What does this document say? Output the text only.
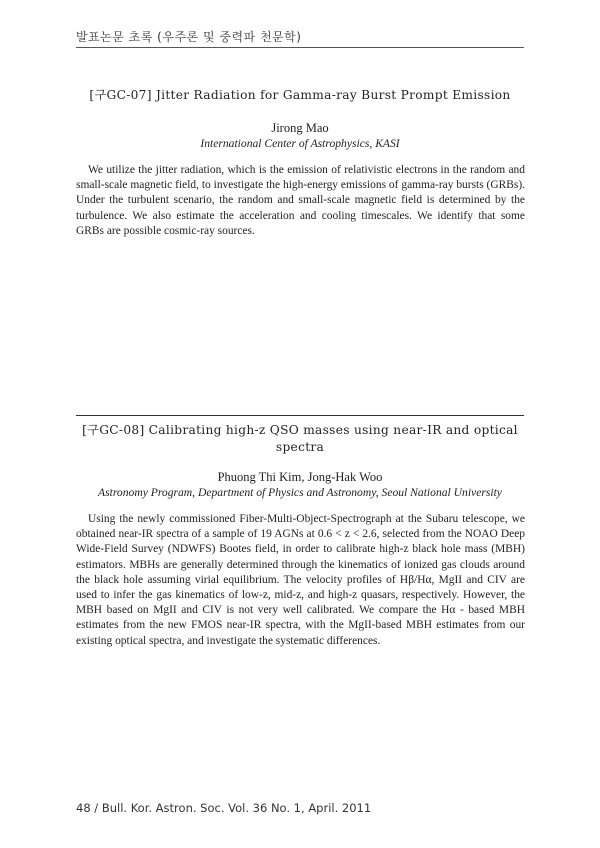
발표논문 초록 (우주론 및 중력파 천문학)
[구GC-07] Jitter Radiation for Gamma-ray Burst Prompt Emission
Jirong Mao
International Center of Astrophysics, KASI

We utilize the jitter radiation, which is the emission of relativistic electrons in the random and small-scale magnetic field, to investigate the high-energy emissions of gamma-ray bursts (GRBs). Under the turbulent scenario, the random and small-scale magnetic field is determined by the turbulence. We also estimate the acceleration and cooling timescales. We identify that some GRBs are possible cosmic-ray sources.

[구GC-08] Calibrating high-z QSO masses using near-IR and optical spectra
Phuong Thi Kim, Jong-Hak Woo
Astronomy Program, Department of Physics and Astronomy, Seoul National University

Using the newly commissioned Fiber-Multi-Object-Spectrograph at the Subaru telescope, we obtained near-IR spectra of a sample of 19 AGNs at 0.6 < z < 2.6, selected from the NOAO Deep Wide-Field Survey (NDWFS) Bootes field, in order to calibrate high-z black hole mass (MBH) estimators. MBHs are generally determined through the kinematics of ionized gas clouds around the black hole assuming virial equilibrium. The velocity profiles of Hβ/Hα, MgII and CIV are used to infer the gas kinematics of low-z, mid-z, and high-z quasars, respectively. However, the MBH based on MgII and CIV is not very well calibrated. We compare the Hα - based MBH estimates from the new FMOS near-IR spectra, with the MgII-based MBH estimates from our existing optical spectra, and investigate the systematic differences.

48 / Bull. Kor. Astron. Soc. Vol. 36 No. 1, April. 2011
